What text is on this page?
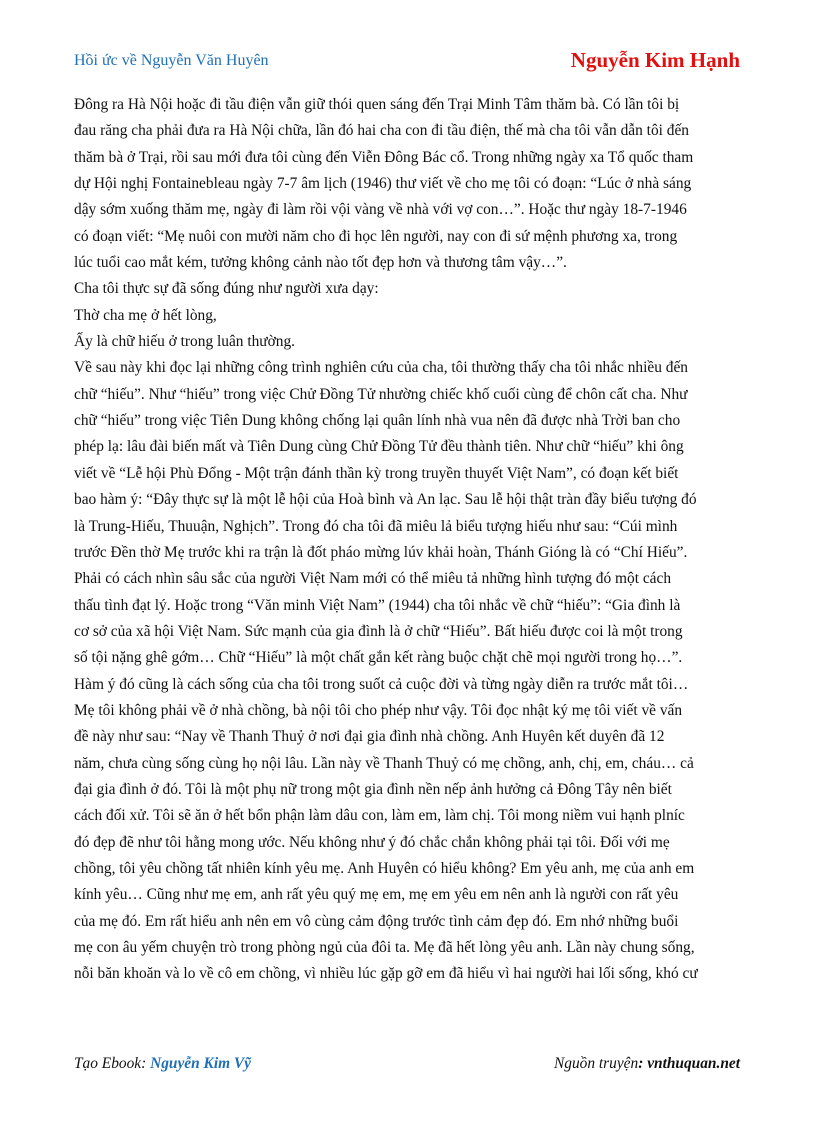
Hồi ức về Nguyễn Văn Huyên	Nguyễn Kim Hạnh
Đông ra Hà Nội hoặc đi tầu điện vẫn giữ thói quen sáng đến Trại Minh Tâm thăm bà. Có lần tôi bị
đau răng cha phải đưa ra Hà Nội chữa, lần đó hai cha con đi tầu điện, thế mà cha tôi vẫn dẫn tôi đến
thăm bà ở Trại, rồi sau mới đưa tôi cùng đến Viễn Đông Bác cổ. Trong những ngày xa Tổ quốc tham
dự Hội nghị Fontainebleau ngày 7-7 âm lịch (1946) thư viết về cho mẹ tôi có đoạn: “Lúc ở nhà sáng
dậy sớm xuống thăm mẹ, ngày đi làm rồi vội vàng về nhà với vợ con…”. Hoặc thư ngày 18-7-1946
có đoạn viết: “Mẹ nuôi con mười năm cho đi học lên người, nay con đi sứ mệnh phương xa, trong
lúc tuổi cao mắt kém, tưởng không cảnh nào tốt đẹp hơn và thương tâm vậy…”.
Cha tôi thực sự đã sống đúng như người xưa dạy:
Thờ cha mẹ ở hết lòng,
Ấy là chữ hiếu ở trong luân thường.
Về sau này khi đọc lại những công trình nghiên cứu của cha, tôi thường thấy cha tôi nhắc nhiều đến
chữ “hiếu”. Như “hiếu” trong việc Chử Đồng Tử nhường chiếc khố cuối cùng để chôn cất cha. Như
chữ “hiếu” trong việc Tiên Dung không chống lại quân lính nhà vua nên đã được nhà Trời ban cho
phép lạ: lâu đài biến mất và Tiên Dung cùng Chử Đồng Tử đều thành tiên. Như chữ “hiếu” khi ông
viết về “Lễ hội Phù Đổng - Một trận đánh thần kỳ trong truyền thuyết Việt Nam”, có đoạn kết biết
bao hàm ý: “Đây thực sự là một lễ hội của Hoà bình và An lạc. Sau lễ hội thật tràn đầy biểu tượng đó
là Trung-Hiếu, Thuuận, Nghịch”. Trong đó cha tôi đã miêu lả biểu tượng hiếu như sau: “Cúi mình
trước Đền thờ Mẹ trước khi ra trận là đốt pháo mừng lúv khải hoàn, Thánh Gióng là có “Chí Hiếu”.
Phải có cách nhìn sâu sắc của người Việt Nam mới có thể miêu tả những hình tượng đó một cách
thấu tình đạt lý. Hoặc trong “Văn minh Việt Nam” (1944) cha tôi nhắc về chữ “hiếu”: “Gia đình là
cơ sở của xã hội Việt Nam. Sức mạnh của gia đình là ở chữ “Hiếu”. Bất hiếu được coi là một trong
số tội nặng ghê gớm… Chữ “Hiếu” là một chất gắn kết ràng buộc chặt chẽ mọi người trong họ…”.
Hàm ý đó cũng là cách sống của cha tôi trong suốt cả cuộc đời và từng ngày diễn ra trước mắt tôi…
Mẹ tôi không phải về ở nhà chồng, bà nội tôi cho phép như vậy. Tôi đọc nhật ký mẹ tôi viết về vấn
đề này như sau: “Nay về Thanh Thuỷ ở nơi đại gia đình nhà chồng. Anh Huyên kết duyên đã 12
năm, chưa cùng sống cùng họ nội lâu. Lần này về Thanh Thuỷ có mẹ chồng, anh, chị, em, cháu… cả
đại gia đình ở đó. Tôi là một phụ nữ trong một gia đình nền nếp ảnh hưởng cả Đông Tây nên biết
cách đối xử. Tôi sẽ ăn ở hết bổn phận làm dâu con, làm em, làm chị. Tôi mong niềm vui hạnh plníc
đó đẹp đẽ như tôi hằng mong ước. Nếu không như ý đó chắc chắn không phải tại tôi. Đối với mẹ
chồng, tôi yêu chồng tất nhiên kính yêu mẹ. Anh Huyên có hiểu không? Em yêu anh, mẹ của anh em
kính yêu… Cũng như mẹ em, anh rất yêu quý mẹ em, mẹ em yêu em nên anh là người con rất yêu
của mẹ đó. Em rất hiểu anh nên em vô cùng cảm động trước tình cảm đẹp đó. Em nhớ những buổi
mẹ con âu yếm chuyện trò trong phòng ngủ của đôi ta. Mẹ đã hết lòng yêu anh. Lần này chung sống,
nỗi băn khoăn và lo về cô em chồng, vì nhiều lúc gặp gỡ em đã hiểu vì hai người hai lối sống, khó cư
Tạo Ebook: Nguyễn Kim Vỹ	Nguồn truyện: vnthuquan.net
